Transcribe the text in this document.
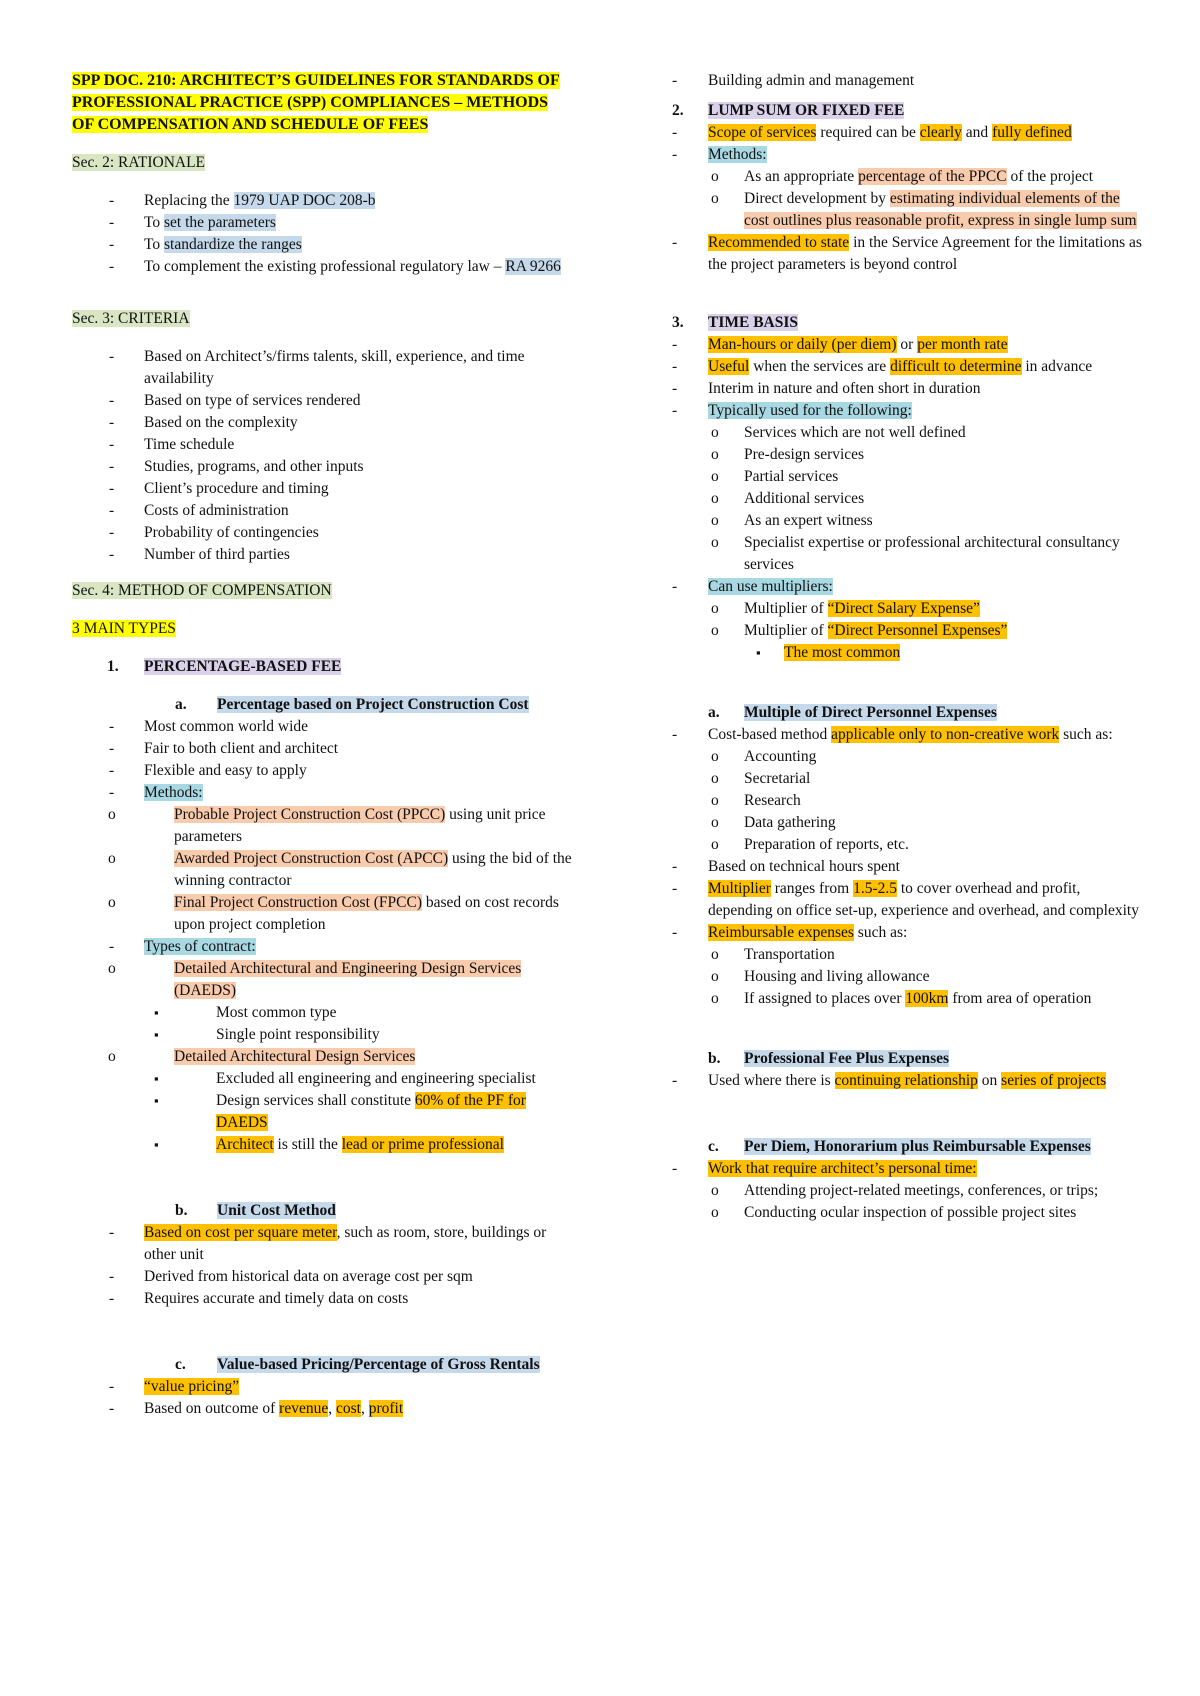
SPP DOC. 210: ARCHITECT’S GUIDELINES FOR STANDARDS OF PROFESSIONAL PRACTICE (SPP) COMPLIANCES – METHODS OF COMPENSATION AND SCHEDULE OF FEES
Sec. 2: RATIONALE
- Replacing the 1979 UAP DOC 208-b
- To set the parameters
- To standardize the ranges
- To complement the existing professional regulatory law – RA 9266
Sec. 3: CRITERIA
- Based on Architect’s/firms talents, skill, experience, and time availability
- Based on type of services rendered
- Based on the complexity
- Time schedule
- Studies, programs, and other inputs
- Client’s procedure and timing
- Costs of administration
- Probability of contingencies
- Number of third parties
Sec. 4: METHOD OF COMPENSATION
3 MAIN TYPES
1. PERCENTAGE-BASED FEE
a. Percentage based on Project Construction Cost
- Most common world wide
- Fair to both client and architect
- Flexible and easy to apply
- Methods:
o Probable Project Construction Cost (PPCC) using unit price parameters
o Awarded Project Construction Cost (APCC) using the bid of the winning contractor
o Final Project Construction Cost (FPCC) based on cost records upon project completion
- Types of contract:
o Detailed Architectural and Engineering Design Services (DAEDS)
▪ Most common type
▪ Single point responsibility
o Detailed Architectural Design Services
▪ Excluded all engineering and engineering specialist
▪ Design services shall constitute 60% of the PF for DAEDS
▪ Architect is still the lead or prime professional
b. Unit Cost Method
- Based on cost per square meter, such as room, store, buildings or other unit
- Derived from historical data on average cost per sqm
- Requires accurate and timely data on costs
c. Value-based Pricing/Percentage of Gross Rentals
- “value pricing”
- Based on outcome of revenue, cost, profit
- Building admin and management
2. LUMP SUM OR FIXED FEE
- Scope of services required can be clearly and fully defined
- Methods:
o As an appropriate percentage of the PPCC of the project
o Direct development by estimating individual elements of the cost outlines plus reasonable profit, express in single lump sum
- Recommended to state in the Service Agreement for the limitations as the project parameters is beyond control
3. TIME BASIS
- Man-hours or daily (per diem) or per month rate
- Useful when the services are difficult to determine in advance
- Interim in nature and often short in duration
- Typically used for the following:
o Services which are not well defined
o Pre-design services
o Partial services
o Additional services
o As an expert witness
o Specialist expertise or professional architectural consultancy services
- Can use multipliers:
o Multiplier of “Direct Salary Expense”
o Multiplier of “Direct Personnel Expenses”
▪ The most common
a. Multiple of Direct Personnel Expenses
- Cost-based method applicable only to non-creative work such as:
o Accounting
o Secretarial
o Research
o Data gathering
o Preparation of reports, etc.
- Based on technical hours spent
- Multiplier ranges from 1.5-2.5 to cover overhead and profit, depending on office set-up, experience and overhead, and complexity
- Reimbursable expenses such as:
o Transportation
o Housing and living allowance
o If assigned to places over 100km from area of operation
b. Professional Fee Plus Expenses
- Used where there is continuing relationship on series of projects
c. Per Diem, Honorarium plus Reimbursable Expenses
- Work that require architect’s personal time:
o Attending project-related meetings, conferences, or trips;
o Conducting ocular inspection of possible project sites
